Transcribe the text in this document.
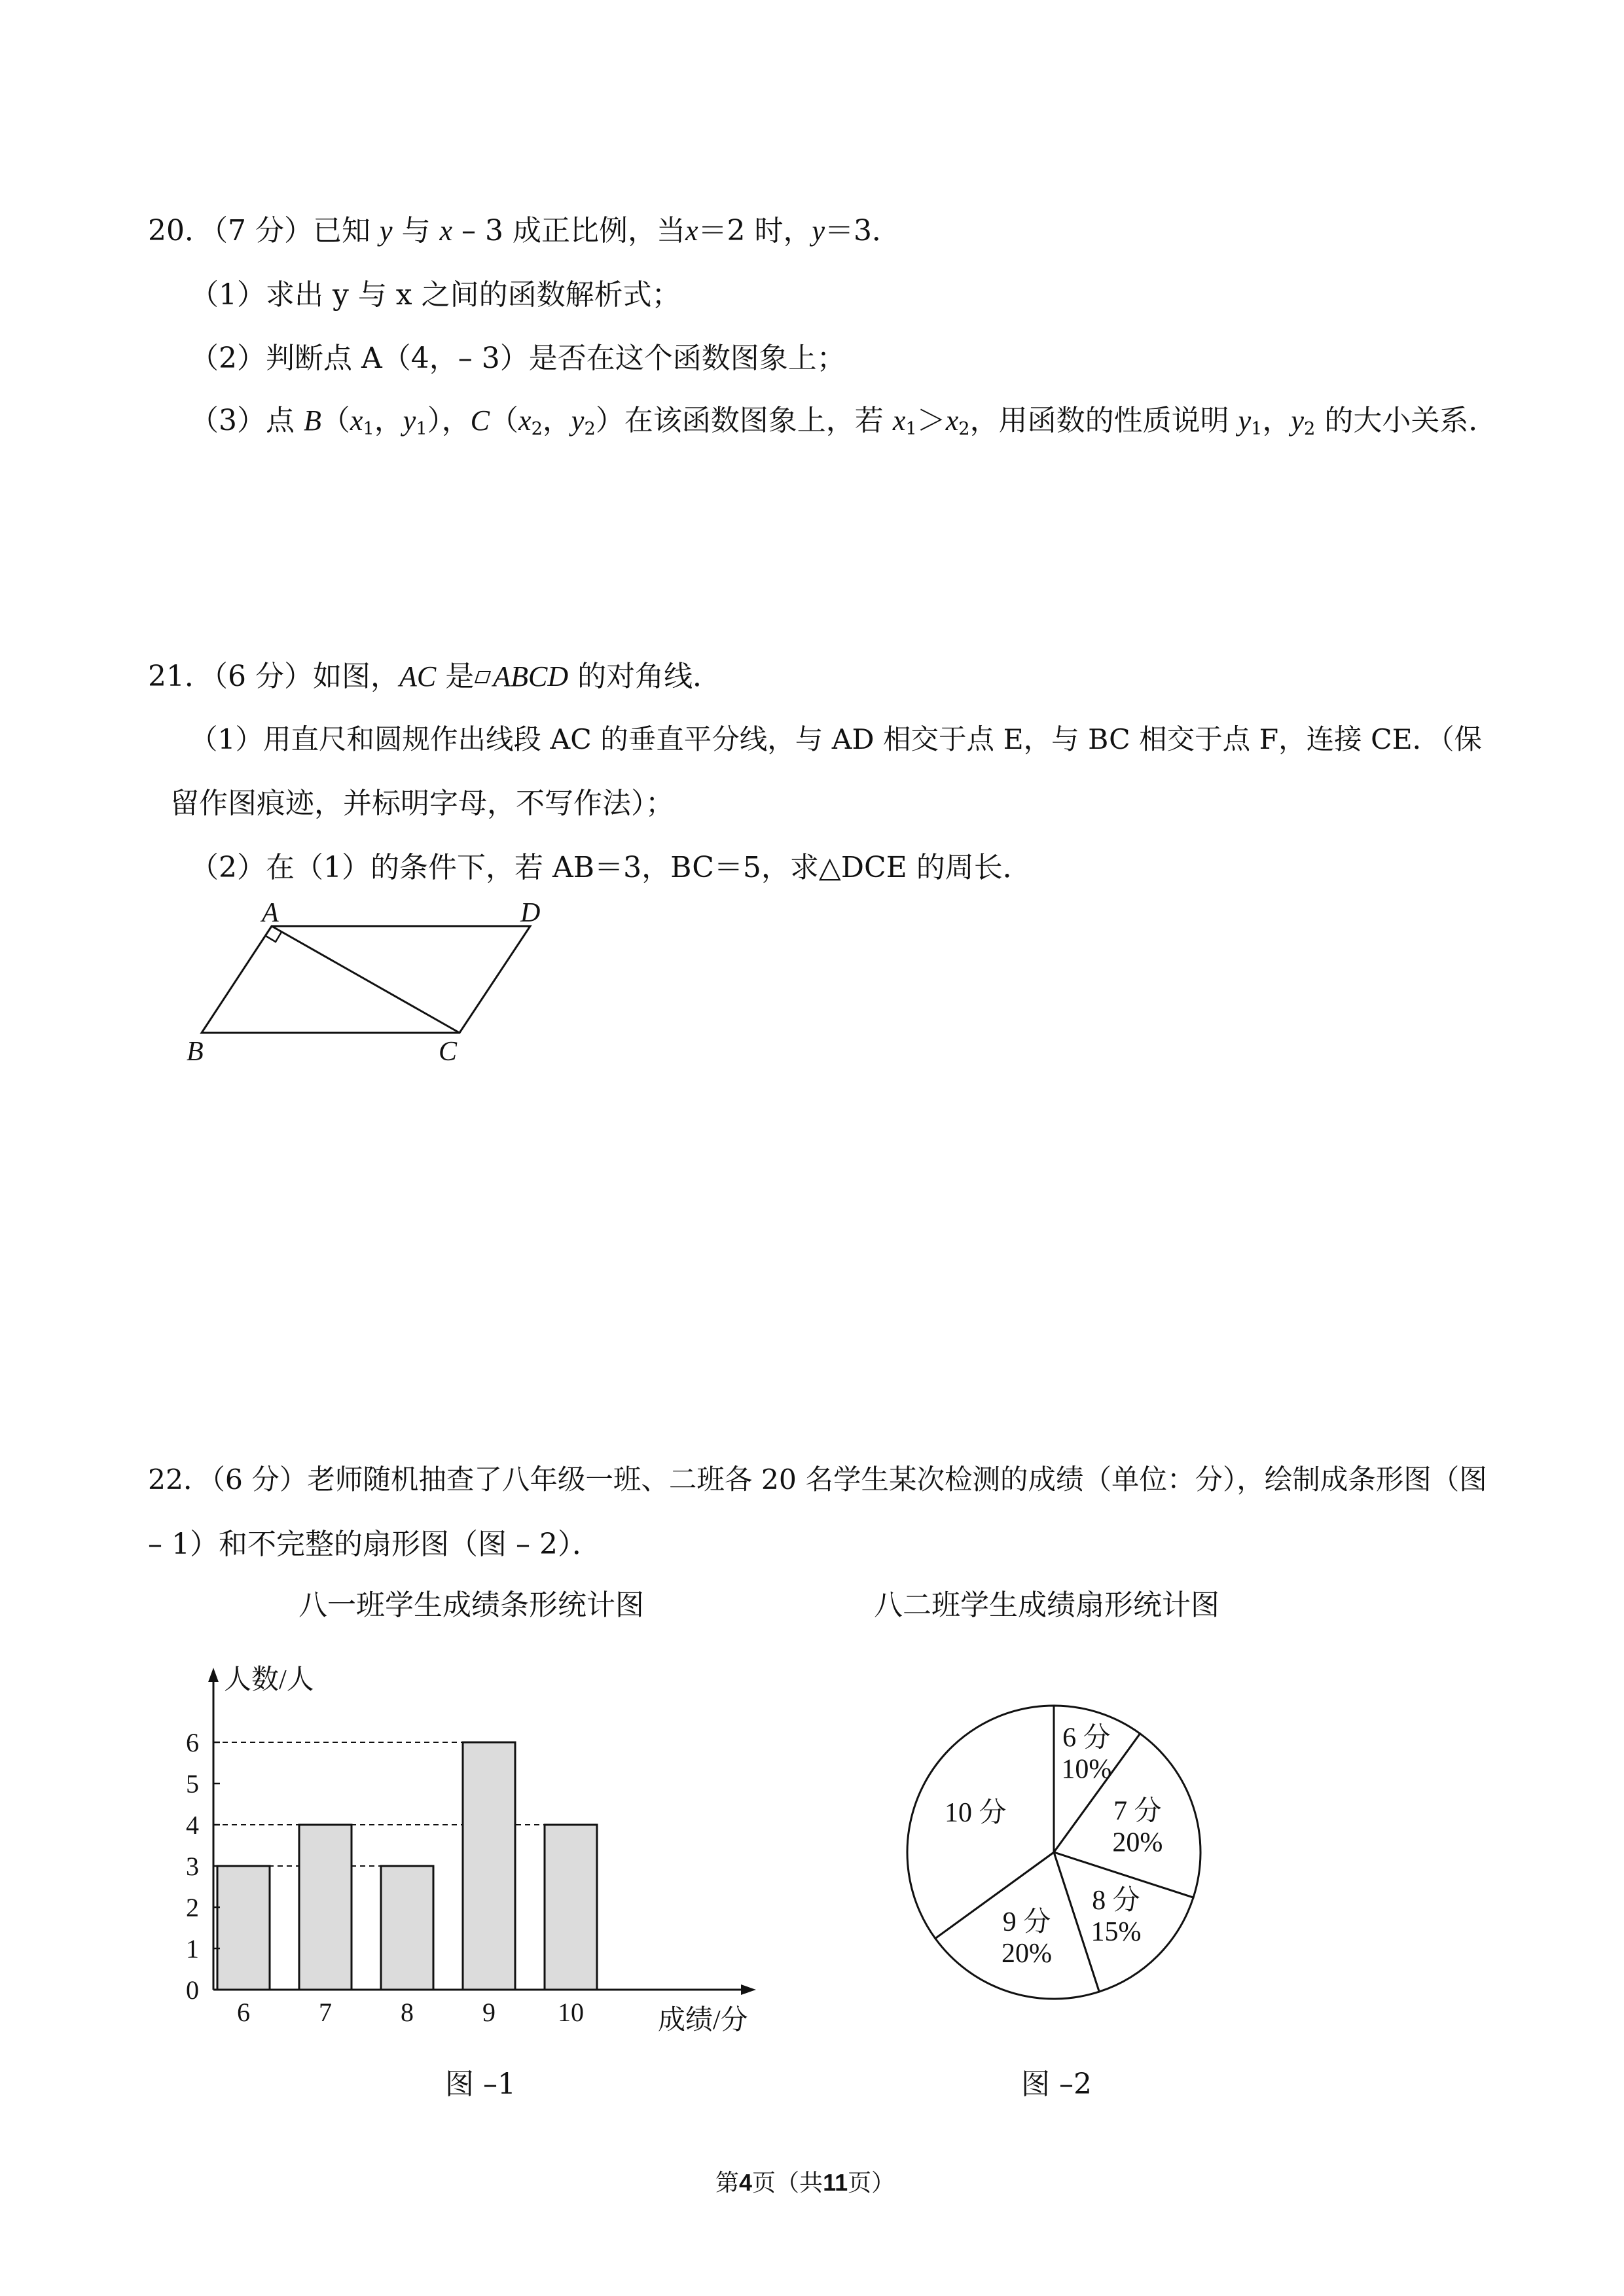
20．（7 分）已知 y 与 x – 3 成正比例，当x＝2 时，y＝3．
（1）求出 y 与 x 之间的函数解析式；
（2）判断点 A（4，– 3）是否在这个函数图象上；
（3）点 $B(x_1$，$y_1$），$C(x_2$，$y_2$）在该函数图象上，若 $x_1>x_2$，用函数的性质说明 $y_1$，$y_2$ 的大小关系．
21．（6 分）如图，AC 是 ABCD 的对角线．
（1）用直尺和圆规作出线段 AC 的垂直平分线，与 AD 相交于点 E，与 BC 相交于点 F，连接 CE．（保
留作图痕迹，并标明字母，不写作法）；
（2）在（1）的条件下，若 AB＝3，BC＝5，求△DCE 的周长．
A	D
B	C
22．（6 分）老师随机抽查了八年级一班、二班各 20 名学生某次检测的成绩（单位：分），绘制成条形图（图
– 1）和不完整的扇形图（图 – 2）．
八一班学生成绩条形统计图	八二班学生成绩扇形统计图
人数/人
成绩/分
0
1
2
3
4
5
6
6	7	8	9 10
6 分
10%
7 分
20%
8 分
15%
9 分
20%
10 分
图 –1	图 –2
第4页（共11页）
